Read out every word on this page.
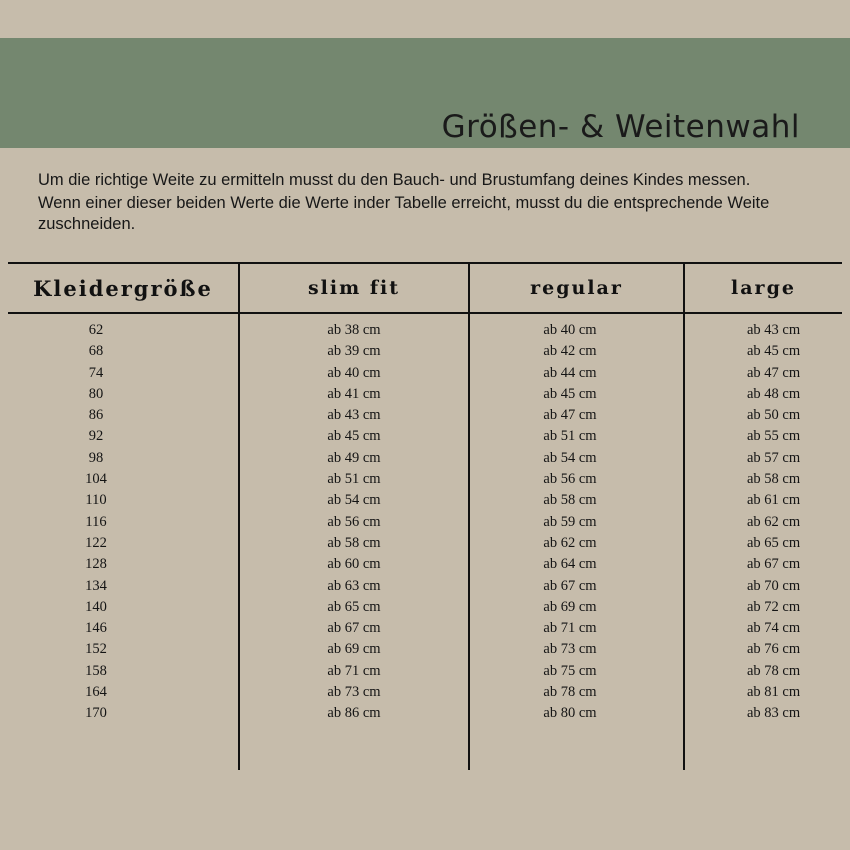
Größen- & Weitenwahl

Um die richtige Weite zu ermitteln musst du den Bauch- und Brustumfang deines Kindes messen.

Wenn einer dieser beiden Werte die Werte inder Tabelle erreicht, musst du die entsprechende Weite zuschneiden.

Kleidergröße	slim fit	regular	large
62	ab 38 cm	ab 40 cm	ab 43 cm
68	ab 39 cm	ab 42 cm	ab 45 cm
74	ab 40 cm	ab 44 cm	ab 47 cm
80	ab 41 cm	ab 45 cm	ab 48 cm
86	ab 43 cm	ab 47 cm	ab 50 cm
92	ab 45 cm	ab 51 cm	ab 55 cm
98	ab 49 cm	ab 54 cm	ab 57 cm
104	ab 51 cm	ab 56 cm	ab 58 cm
110	ab 54 cm	ab 58 cm	ab 61 cm
116	ab 56 cm	ab 59 cm	ab 62 cm
122	ab 58 cm	ab 62 cm	ab 65 cm
128	ab 60 cm	ab 64 cm	ab 67 cm
134	ab 63 cm	ab 67 cm	ab 70 cm
140	ab 65 cm	ab 69 cm	ab 72 cm
146	ab 67 cm	ab 71 cm	ab 74 cm
152	ab 69 cm	ab 73 cm	ab 76 cm
158	ab 71 cm	ab 75 cm	ab 78 cm
164	ab 73 cm	ab 78 cm	ab 81 cm
170	ab 86 cm	ab 80 cm	ab 83 cm
